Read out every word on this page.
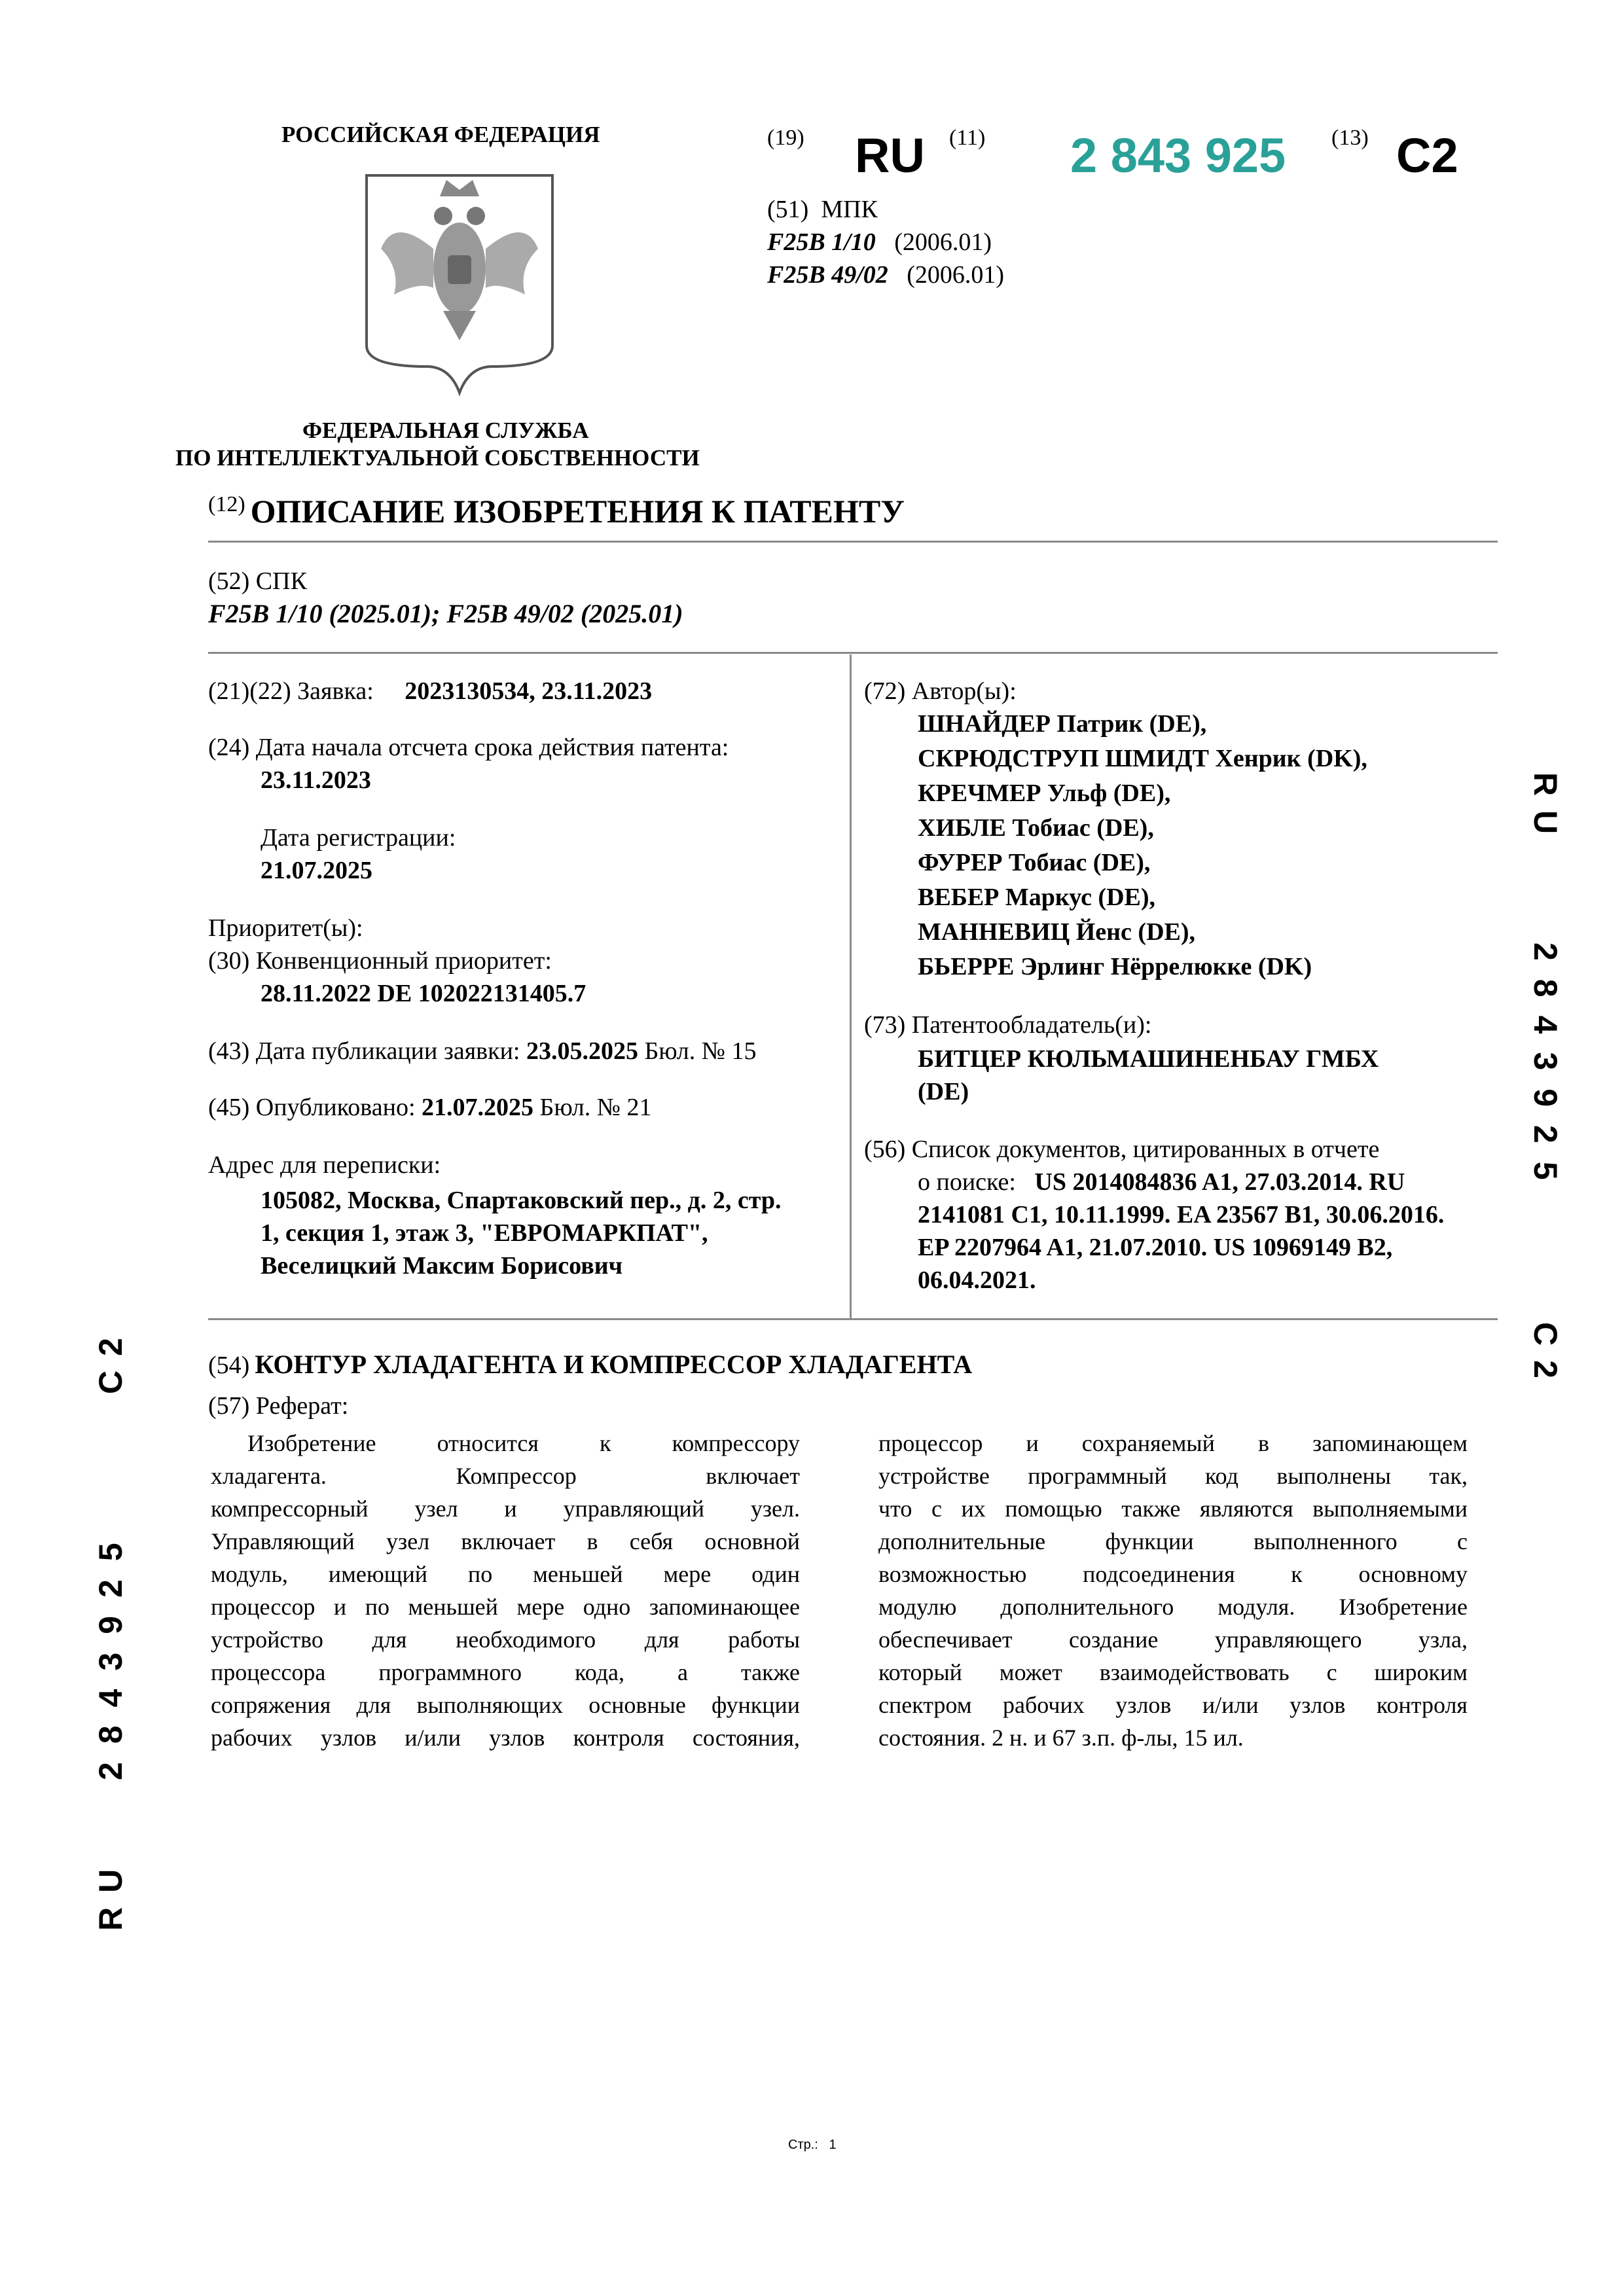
РОССИЙСКАЯ ФЕДЕРАЦИЯ
ФЕДЕРАЛЬНАЯ СЛУЖБА
ПО ИНТЕЛЛЕКТУАЛЬНОЙ СОБСТВЕННОСТИ
(19) RU (11) 2 843 925 (13) C2
(51) МПК
F25B 1/10 (2006.01)
F25B 49/02 (2006.01)
(12) ОПИСАНИЕ ИЗОБРЕТЕНИЯ К ПАТЕНТУ
(52) СПК
F25B 1/10 (2025.01); F25B 49/02 (2025.01)
(21)(22) Заявка: 2023130534, 23.11.2023
(24) Дата начала отсчета срока действия патента:
23.11.2023
Дата регистрации:
21.07.2025
Приоритет(ы):
(30) Конвенционный приоритет:
28.11.2022 DE 102022131405.7
(43) Дата публикации заявки: 23.05.2025 Бюл. № 15
(45) Опубликовано: 21.07.2025 Бюл. № 21
Адрес для переписки:
105082, Москва, Спартаковский пер., д. 2, стр.
1, секция 1, этаж 3, "ЕВРОМАРКПАТ",
Веселицкий Максим Борисович
(72) Автор(ы):
ШНАЙДЕР Патрик (DE),
СКРЮДСТРУП ШМИДТ Хенрик (DK),
КРЕЧМЕР Ульф (DE),
ХИБЛЕ Тобиас (DE),
ФУРЕР Тобиас (DE),
ВЕБЕР Маркус (DE),
МАННЕВИЦ Йенс (DE),
БЬЕРРЕ Эрлинг Нёррелюкке (DK)
(73) Патентообладатель(и):
БИТЦЕР КЮЛЬМАШИНЕНБАУ ГМБХ
(DE)
(56) Список документов, цитированных в отчете
о поиске: US 2014084836 A1, 27.03.2014. RU
2141081 C1, 10.11.1999. EA 23567 B1, 30.06.2016.
EP 2207964 A1, 21.07.2010. US 10969149 B2,
06.04.2021.
(54) КОНТУР ХЛАДАГЕНТА И КОМПРЕССОР ХЛАДАГЕНТА
(57) Реферат:
Изобретение относится к компрессору
хладагента. Компрессор включает
компрессорный узел и управляющий узел.
Управляющий узел включает в себя основной
модуль, имеющий по меньшей мере один
процессор и по меньшей мере одно запоминающее
устройство для необходимого для работы
процессора программного кода, а также
сопряжения для выполняющих основные функции
рабочих узлов и/или узлов контроля состояния,
процессор и сохраняемый в запоминающем
устройстве программный код выполнены так,
что с их помощью также являются выполняемыми
дополнительные функции выполненного с
возможностью подсоединения к основному
модулю дополнительного модуля. Изобретение
обеспечивает создание управляющего узла,
который может взаимодействовать с широким
спектром рабочих узлов и/или узлов контроля
состояния. 2 н. и 67 з.п. ф-лы, 15 ил.
RU
2843925
C2
C2
2843925
RU
Стр.: 1
